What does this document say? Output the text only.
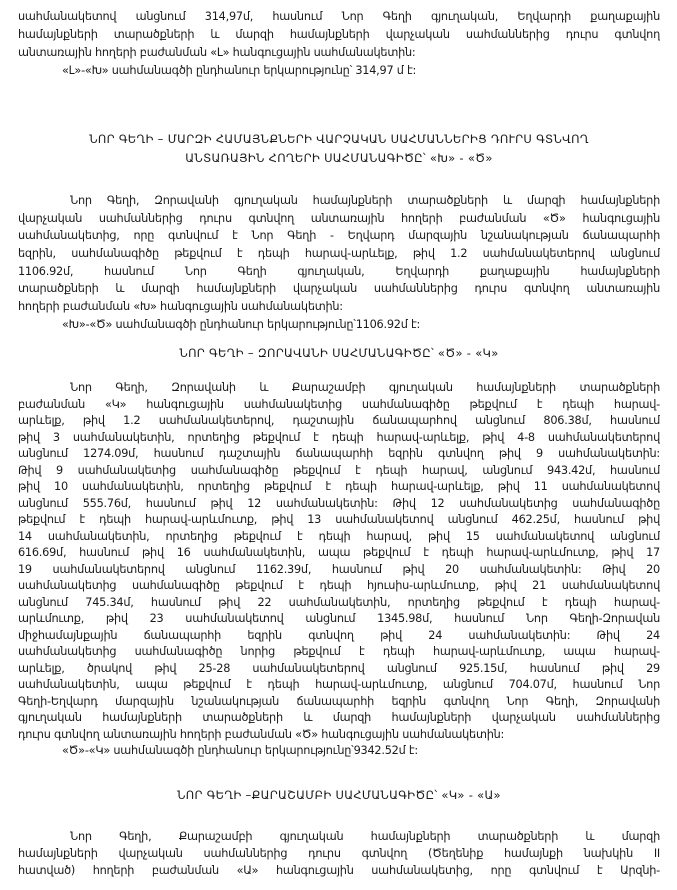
սահմանակետով անցնում 314,97մ, հասնում Նոր Գեղի գյուղական, Եղվարդի քաղաքային
համայնքների տարածքների և մարզի համայնքների վարչական սահմաններից դուրս գտնվող
անտառային հողերի բաժանման «Լ» հանգուցային սահմանակետին:
«Լ»-«Խ» սահմանագծի ընդհանուր երկարությունը՝ 314,97 մ է:
ՆՈՐ ԳԵՂԻ – ՄԱՐԶԻ ՀԱՄԱՅՆՔՆԵՐԻ ՎԱՐՉԱԿԱՆ ՍԱՀՄԱՆՆԵՐԻՑ ԴՈՒՐՍ ԳՏՆՎՈՂ
ԱՆՏԱՌԱՅԻՆ ՀՈՂԵՐԻ ՍԱՀՄԱՆԱԳԻԾԸ՝ «Խ» - «Ծ»
Նոր Գեղի, Զորավանի գյուղական համայնքների տարածքների և մարզի համայնքների
վարչական սահմաններից դուրս գտնվող անտառային հողերի բաժանման «Ծ» հանգուցային
սահմանակետից, որը գտնվում է Նոր Գեղի - Եղվարդ մարզային նշանակության ճանապարհի
եզրին, սահմանագիծը թեքվում է դեպի հարավ-արևելք, թիվ 1.2 սահմանակետերով անցնում
1106.92մ, հասնում Նոր Գեղի գյուղական, Եղվարդի քաղաքային համայնքների
տարածքների և մարզի համայնքների վարչական սահմաններից դուրս գտնվող անտառային
հողերի բաժանման «Խ» հանգուցային սահմանակետին:
«Խ»-«Ծ» սահմանագծի ընդհանուր երկարությունը՝1106.92մ է:
ՆՈՐ ԳԵՂԻ – ԶՈՐԱՎԱՆԻ ՍԱՀՄԱՆԱԳԻԾԸ՝ «Ծ» - «Կ»
Նոր Գեղի, Զորավանի և Քարաշամբի գյուղական համայնքների տարածքների
բաժանման «Կ» հանգուցային սահմանակետից սահմանագիծը թեքվում է դեպի հարավ-
արևելք, թիվ 1.2 սահմանակետերով, դաշտային ճանապարհով անցնում 806.38մ, հասնում
թիվ 3 սահմանակետին, որտեղից թեքվում է դեպի հարավ-արևելք, թիվ 4-8 սահմանակետերով
անցնում 1274.09մ, հասնում դաշտային ճանապարհի եզրին գտնվող թիվ 9 սահմանակետին:
Թիվ 9 սահմանակետից սահմանագիծը թեքվում է դեպի հարավ, անցնում 943.42մ, հասնում
թիվ 10 սահմանակետին, որտեղից թեքվում է դեպի հարավ-արևելք, թիվ 11 սահմանակետով
անցնում 555.76մ, հասնում թիվ 12 սահմանակետին: Թիվ 12 սահմանակետից սահմանագիծը
թեքվում է դեպի հարավ-արևմուտք, թիվ 13 սահմանակետով անցնում 462.25մ, հասնում թիվ
14 սահմանակետին, որտեղից թեքվում է դեպի հարավ, թիվ 15 սահմանակետով անցնում
616.69մ, հասնում թիվ 16 սահմանակետին, ապա թեքվում է դեպի հարավ-արևմուտք, թիվ 17
19 սահմանակետերով անցնում 1162.39մ, հասնում թիվ 20 սահմանակետին: Թիվ 20
սահմանակետից սահմանագիծը թեքվում է դեպի հյուսիս-արևմուտք, թիվ 21 սահմանակետով
անցնում 745.34մ, հասնում թիվ 22 սահմանակետին, որտեղից թեքվում է դեպի հարավ-
արևմուտք, թիվ 23 սահմանակետով անցնում 1345.98մ, հասնում Նոր Գեղի-Զորավան
միջհամայնքային ճանապարհի եզրին գտնվող թիվ 24 սահմանակետին: Թիվ 24
սահմանակետից սահմանագիծը նորից թեքվում է դեպի հարավ-արևմուտք, ապա հարավ-
արևելք, ծրակով թիվ 25-28 սահմանակետերով անցնում 925.15մ, հասնում թիվ 29
սահմանակետին, ապա թեքվում է դեպի հարավ-արևմուտք, անցնում 704.07մ, հասնում Նոր
Գեղի-Եղվարդ մարզային նշանակության ճանապարհի եզրին գտնվող Նոր Գեղի, Զորավանի
գյուղական համայնքների տարածքների և մարզի համայնքների վարչական սահմաններից
դուրս գտնվող անտառային հողերի բաժանման «Ծ» հանգուցային սահմանակետին:
«Ծ»-«Կ» սահմանագծի ընդհանուր երկարությունը՝9342.52մ է:
ՆՈՐ ԳԵՂԻ –ՔԱՐԱՇԱՄԲԻ ՍԱՀՄԱՆԱԳԻԾԸ՝ «Կ» - «Ա»
Նոր Գեղի, Քարաշամբի գյուղական համայնքների տարածքների և մարզի
համայնքների վարչական սահմաններից դուրս գտնվող (Ծեղենիք համայնքի նախկին II
հատված) հողերի բաժանման «Ա» հանգուցային սահմանակետից, որը գտնվում է Արզնի-
